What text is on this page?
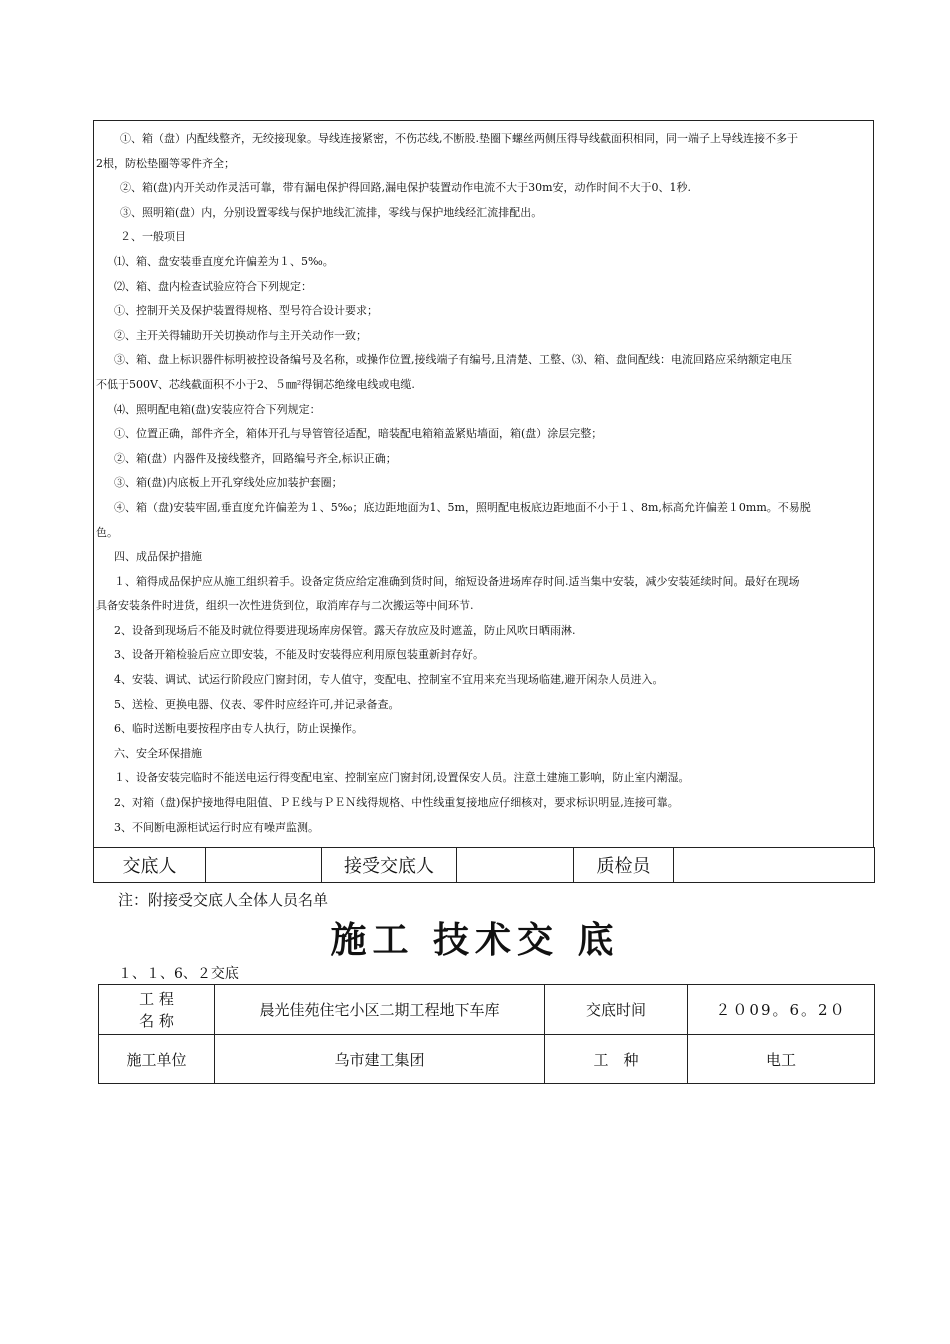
①、箱（盘）内配线整齐，无绞接现象。导线连接紧密，不伤芯线,不断股.垫圈下螺丝两侧压得导线截面积相同，同一端子上导线连接不多于
2根，防松垫圈等零件齐全；
②、箱(盘)内开关动作灵活可靠，带有漏电保护得回路,漏电保护装置动作电流不大于30m安，动作时间不大于0、1秒.
③、照明箱(盘）内，分别设置零线与保护地线汇流排，零线与保护地线经汇流排配出。
２、一般项目
⑴、箱、盘安装垂直度允许偏差为１、5‰。
⑵、箱、盘内检查试验应符合下列规定：
①、控制开关及保护装置得规格、型号符合设计要求；
②、主开关得辅助开关切换动作与主开关动作一致；
③、箱、盘上标识器件标明被控设备编号及名称，或操作位置,接线端子有编号,且清楚、工整、⑶、箱、盘间配线：电流回路应采纳额定电压
不低于500V、芯线截面积不小于2、５㎜²得铜芯绝缘电线或电缆.
⑷、照明配电箱(盘)安装应符合下列规定：
①、位置正确，部件齐全，箱体开孔与导管管径适配，暗装配电箱箱盖紧贴墙面，箱(盘）涂层完整；
②、箱(盘）内器件及接线整齐，回路编号齐全,标识正确；
③、箱(盘)内底板上开孔穿线处应加装护套圈；
④、箱（盘)安装牢固,垂直度允许偏差为１、5‰；底边距地面为1、5m，照明配电板底边距地面不小于１、8m,标高允许偏差１0mm。不易脱
色。
四、成品保护措施
１、箱得成品保护应从施工组织着手。设备定货应给定准确到货时间，缩短设备进场库存时间.适当集中安装，减少安装延续时间。最好在现场
具备安装条件时进货，组织一次性进货到位，取消库存与二次搬运等中间环节.
2、设备到现场后不能及时就位得要进现场库房保管。露天存放应及时遮盖，防止风吹日晒雨淋.
3、设备开箱检验后应立即安装，不能及时安装得应利用原包装重新封存好。
4、安装、调试、试运行阶段应门窗封闭，专人值守，变配电、控制室不宜用来充当现场临建,避开闲杂人员进入。
5、送检、更换电器、仪表、零件时应经许可,并记录备查。
6、临时送断电要按程序由专人执行，防止误操作。
六、安全环保措施
１、设备安装完临时不能送电运行得变配电室、控制室应门窗封闭,设置保安人员。注意土建施工影响，防止室内潮湿。
2、对箱（盘)保护接地得电阻值、ＰＥ线与ＰＥＮ线得规格、中性线重复接地应仔细核对，要求标识明显,连接可靠。
3、不间断电源柜试运行时应有噪声监测。
交底人		接受交底人		质检员	
注：附接受交底人全体人员名单
施工 技术交 底
１、１、6、２交底
工 程
名 称	晨光佳苑住宅小区二期工程地下车库	交底时间	２０09。6。2０
施工单位	乌市建工集团	工　种	电工
